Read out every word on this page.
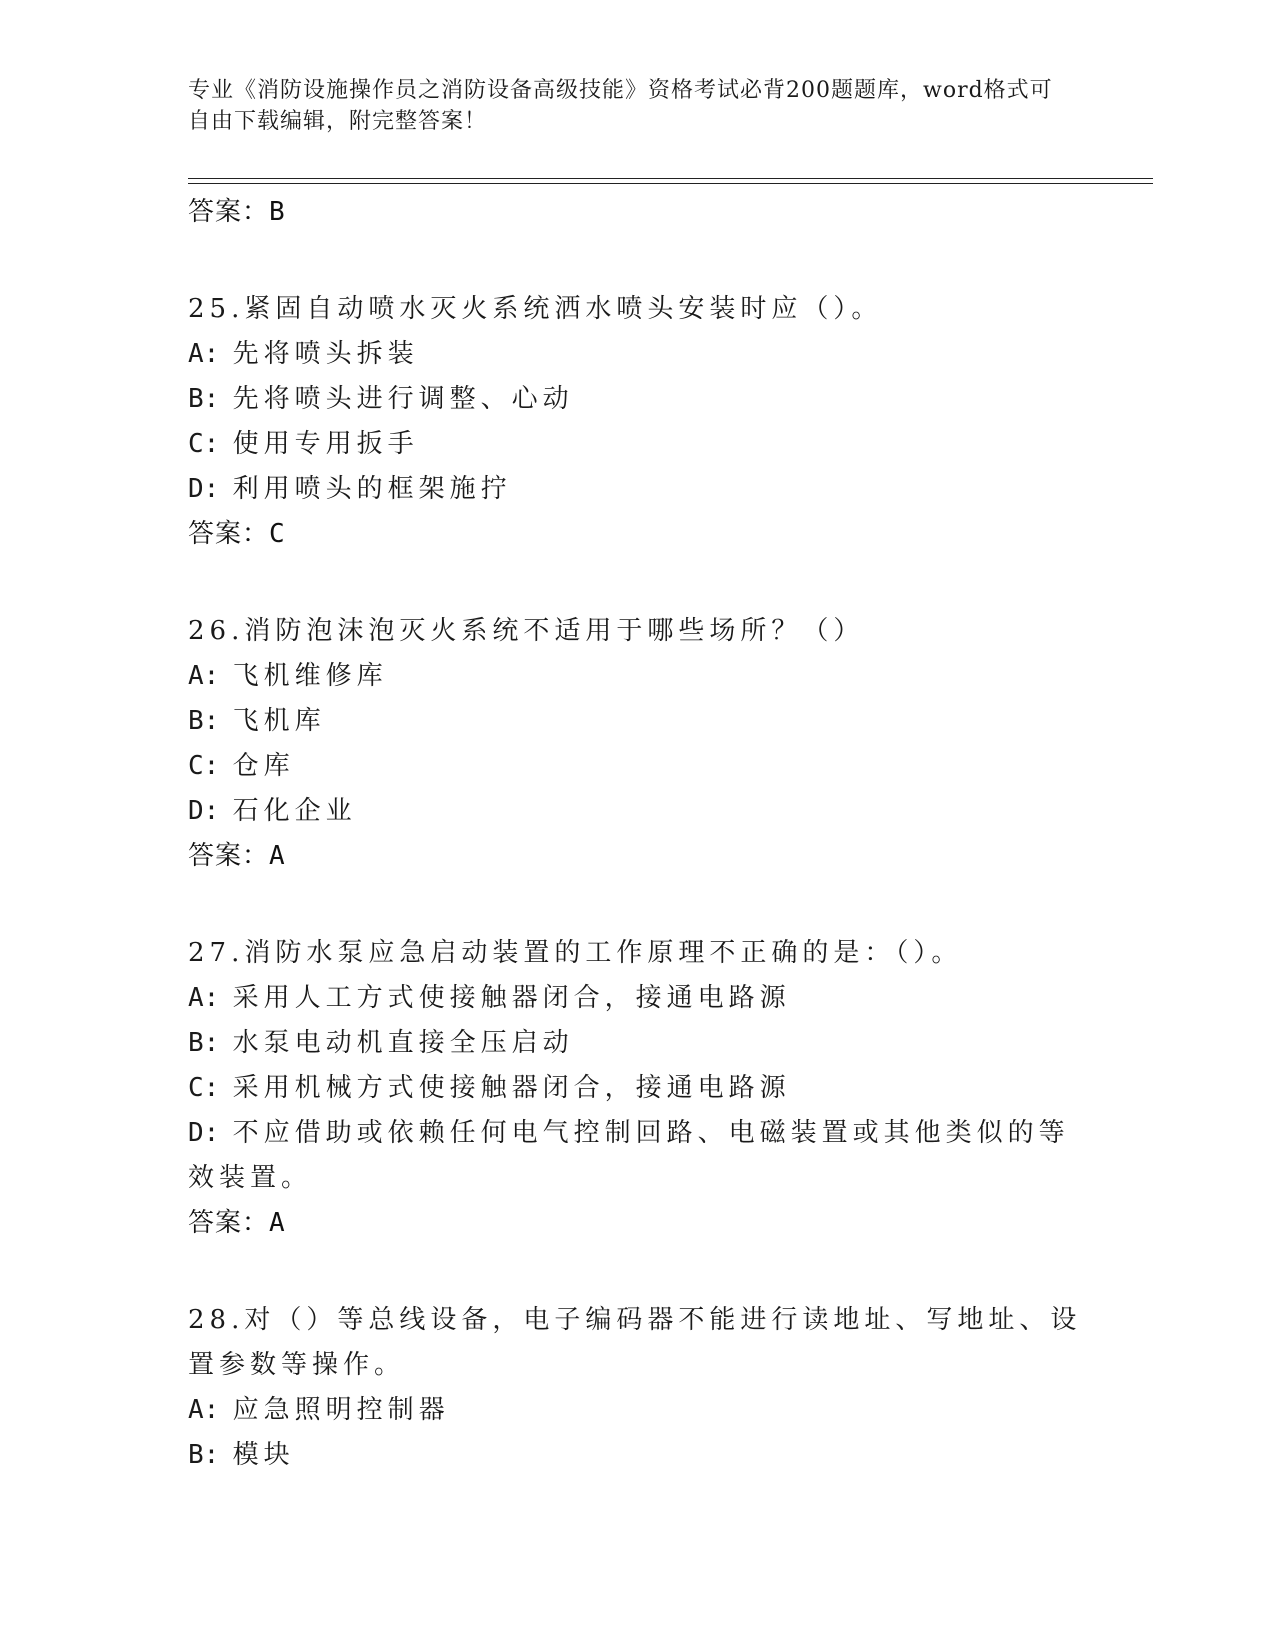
专业《消防设施操作员之消防设备高级技能》资格考试必背200题题库，word格式可自由下载编辑，附完整答案！
答案：B
25.紧固自动喷水灭火系统洒水喷头安装时应（）。
A: 先将喷头拆装
B: 先将喷头进行调整、心动
C: 使用专用扳手
D: 利用喷头的框架施拧
答案：C
26.消防泡沫泡灭火系统不适用于哪些场所？（）
A: 飞机维修库
B: 飞机库
C: 仓库
D: 石化企业
答案：A
27.消防水泵应急启动装置的工作原理不正确的是：（）。
A: 采用人工方式使接触器闭合，接通电路源
B: 水泵电动机直接全压启动
C: 采用机械方式使接触器闭合，接通电路源
D: 不应借助或依赖任何电气控制回路、电磁装置或其他类似的等效装置。
答案：A
28.对（）等总线设备，电子编码器不能进行读地址、写地址、设置参数等操作。
A: 应急照明控制器
B: 模块
